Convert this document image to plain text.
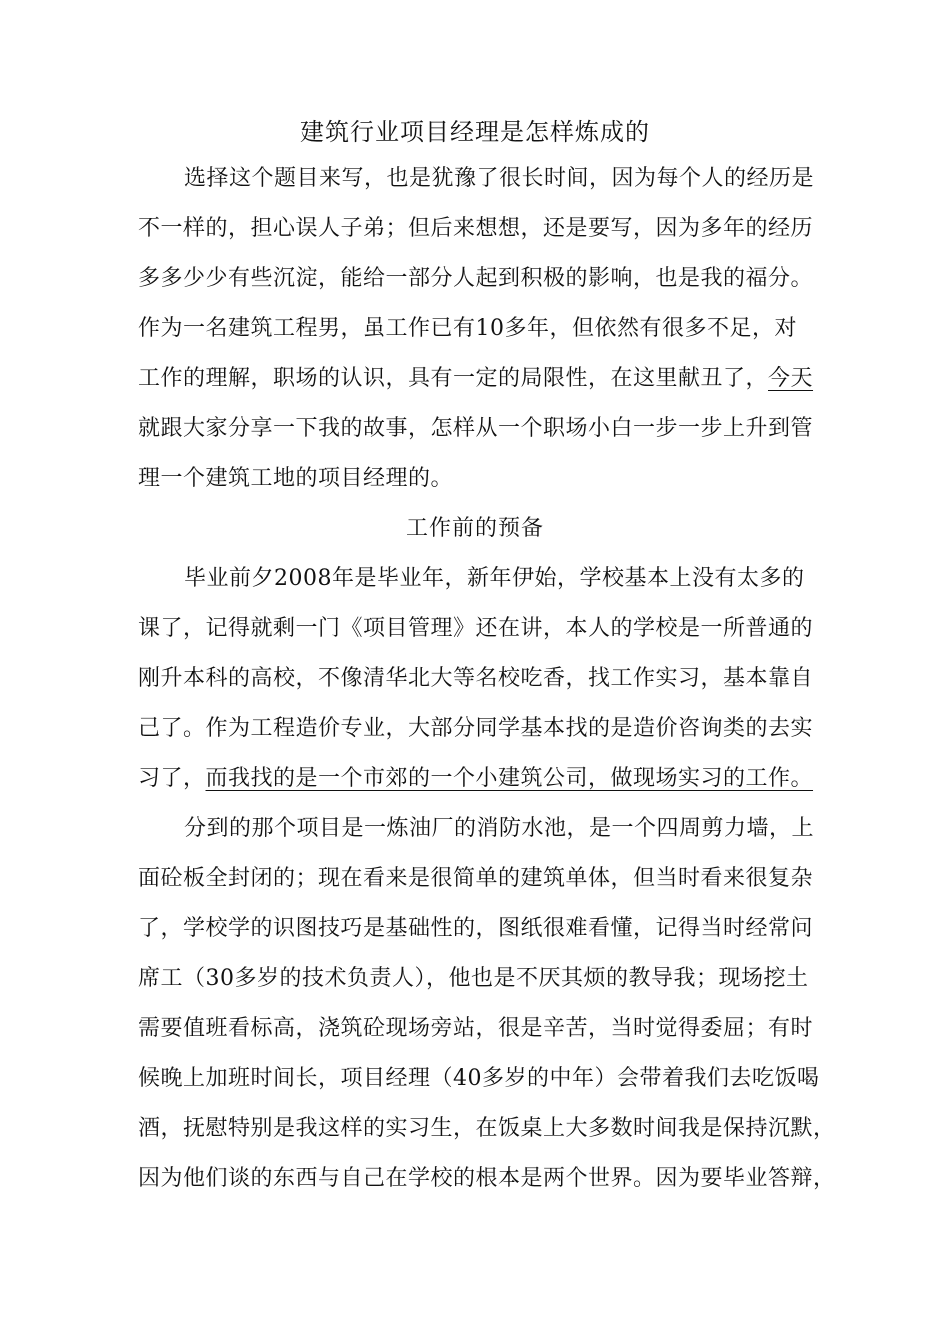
建筑行业项目经理是怎样炼成的
选择这个题目来写，也是犹豫了很长时间，因为每个人的经历是
不一样的，担心误人子弟；但后来想想，还是要写，因为多年的经历
多多少少有些沉淀，能给一部分人起到积极的影响，也是我的福分。
作为一名建筑工程男，虽工作已有10多年，但依然有很多不足，对
工作的理解，职场的认识，具有一定的局限性，在这里献丑了，今天
就跟大家分享一下我的故事，怎样从一个职场小白一步一步上升到管
理一个建筑工地的项目经理的。
工作前的预备
毕业前夕2008年是毕业年，新年伊始，学校基本上没有太多的
课了，记得就剩一门《项目管理》还在讲，本人的学校是一所普通的
刚升本科的高校，不像清华北大等名校吃香，找工作实习，基本靠自
己了。作为工程造价专业，大部分同学基本找的是造价咨询类的去实
习了，而我找的是一个市郊的一个小建筑公司，做现场实习的工作。
分到的那个项目是一炼油厂的消防水池，是一个四周剪力墙，上
面砼板全封闭的；现在看来是很简单的建筑单体，但当时看来很复杂
了，学校学的识图技巧是基础性的，图纸很难看懂，记得当时经常问
席工（30多岁的技术负责人），他也是不厌其烦的教导我；现场挖土
需要值班看标高，浇筑砼现场旁站，很是辛苦，当时觉得委屈；有时
候晚上加班时间长，项目经理（40多岁的中年）会带着我们去吃饭喝
酒，抚慰特别是我这样的实习生，在饭桌上大多数时间我是保持沉默，
因为他们谈的东西与自己在学校的根本是两个世界。因为要毕业答辩，
